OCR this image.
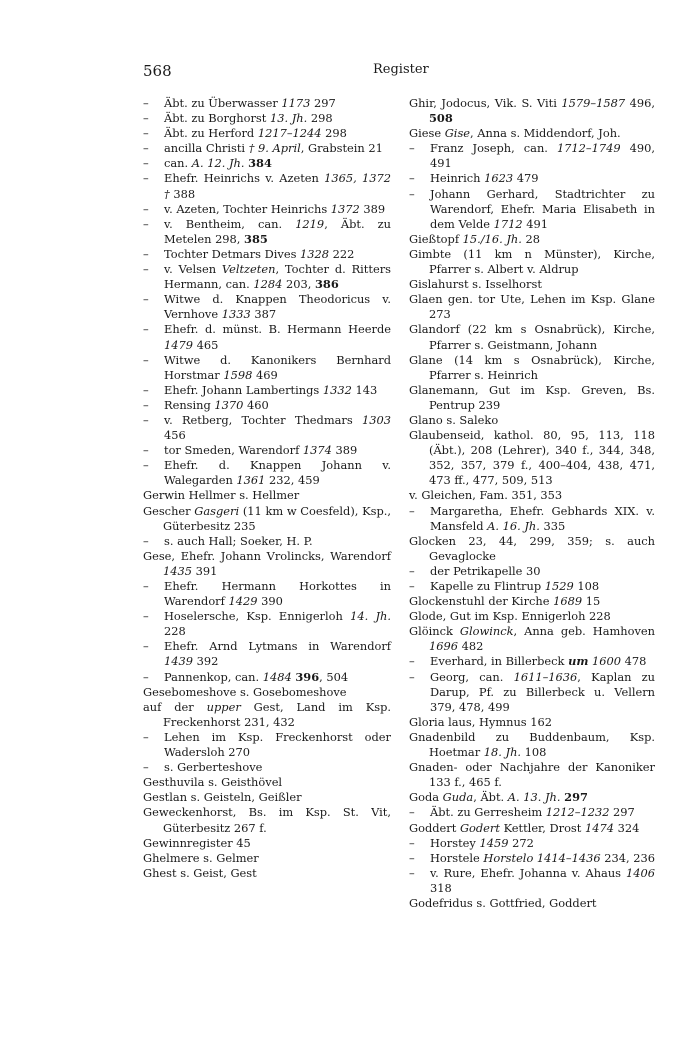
568	Register
– Äbt. zu Überwasser 1173 297
– Äbt. zu Borghorst 13. Jh. 298
– Äbt. zu Herford 1217–1244 298
– ancilla Christi † 9. April, Grabstein 21
– can. A. 12. Jh. 384
– Ehefr. Heinrichs v. Azeten 1365, 1372 † 388
– v. Azeten, Tochter Heinrichs 1372 389
– v. Bentheim, can. 1219, Äbt. zu Metelen 298, 385
– Tochter Detmars Dives 1328 222
– v. Velsen Veltzeten, Tochter d. Ritters Hermann, can. 1284 203, 386
– Witwe d. Knappen Theodoricus v. Vernhove 1333 387
– Ehefr. d. münst. B. Hermann Heerde 1479 465
– Witwe d. Kanonikers Bernhard Horstmar 1598 469
– Ehefr. Johann Lambertings 1332 143
– Rensing 1370 460
– v. Retberg, Tochter Thedmars 1303 456
– tor Smeden, Warendorf 1374 389
– Ehefr. d. Knappen Johann v. Walegarden 1361 232, 459
Gerwin Hellmer s. Hellmer
Gescher Gasgeri (11 km w Coesfeld), Ksp., Güterbesitz 235
– s. auch Hall; Soeker, H. P.
Gese, Ehefr. Johann Vrolincks, Warendorf 1435 391
– Ehefr. Hermann Horkottes in Warendorf 1429 390
– Hoselersche, Ksp. Ennigerloh 14. Jh. 228
– Ehefr. Arnd Lytmans in Warendorf 1439 392
– Pannenkop, can. 1484 396, 504
Gesebomeshove s. Gosebomeshove
auf der upper Gest, Land im Ksp. Freckenhorst 231, 432
– Lehen im Ksp. Freckenhorst oder Wadersloh 270
– s. Gerberteshove
Gesthuvila s. Geisthövel
Gestlan s. Geisteln, Geißler
Geweckenhorst, Bs. im Ksp. St. Vit, Güterbesitz 267 f.
Gewinnregister 45
Ghelmere s. Gelmer
Ghest s. Geist, Gest
Ghir, Jodocus, Vik. S. Viti 1579–1587 496, 508
Giese Gise, Anna s. Middendorf, Joh.
– Franz Joseph, can. 1712–1749 490, 491
– Heinrich 1623 479
– Johann Gerhard, Stadtrichter zu Warendorf, Ehefr. Maria Elisabeth in dem Velde 1712 491
Gießtopf 15./16. Jh. 28
Gimbte (11 km n Münster), Kirche, Pfarrer s. Albert v. Aldrup
Gislahurst s. Isselhorst
Glaen gen. tor Ute, Lehen im Ksp. Glane 273
Glandorf (22 km s Osnabrück), Kirche, Pfarrer s. Geistmann, Johann
Glane (14 km s Osnabrück), Kirche, Pfarrer s. Heinrich
Glanemann, Gut im Ksp. Greven, Bs. Pentrup 239
Glano s. Saleko
Glaubenseid, kathol. 80, 95, 113, 118 (Äbt.), 208 (Lehrer), 340 f., 344, 348, 352, 357, 379 f., 400–404, 438, 471, 473 ff., 477, 509, 513
v. Gleichen, Fam. 351, 353
– Margaretha, Ehefr. Gebhards XIX. v. Mansfeld A. 16. Jh. 335
Glocken 23, 44, 299, 359; s. auch Gevaglocke
– der Petrikapelle 30
– Kapelle zu Flintrup 1529 108
Glockenstuhl der Kirche 1689 15
Glode, Gut im Ksp. Ennigerloh 228
Glöinck Glowinck, Anna geb. Hamhoven 1696 482
– Everhard, in Billerbeck um 1600 478
– Georg, can. 1611–1636, Kaplan zu Darup, Pf. zu Billerbeck u. Vellern 379, 478, 499
Gloria laus, Hymnus 162
Gnadenbild zu Buddenbaum, Ksp. Hoetmar 18. Jh. 108
Gnaden- oder Nachjahre der Kanoniker 133 f., 465 f.
Goda Guda, Äbt. A. 13. Jh. 297
– Äbt. zu Gerresheim 1212–1232 297
Goddert Godert Kettler, Drost 1474 324
– Horstey 1459 272
– Horstele Horstelo 1414–1436 234, 236
– v. Rure, Ehefr. Johanna v. Ahaus 1406 318
Godefridus s. Gottfried, Goddert
